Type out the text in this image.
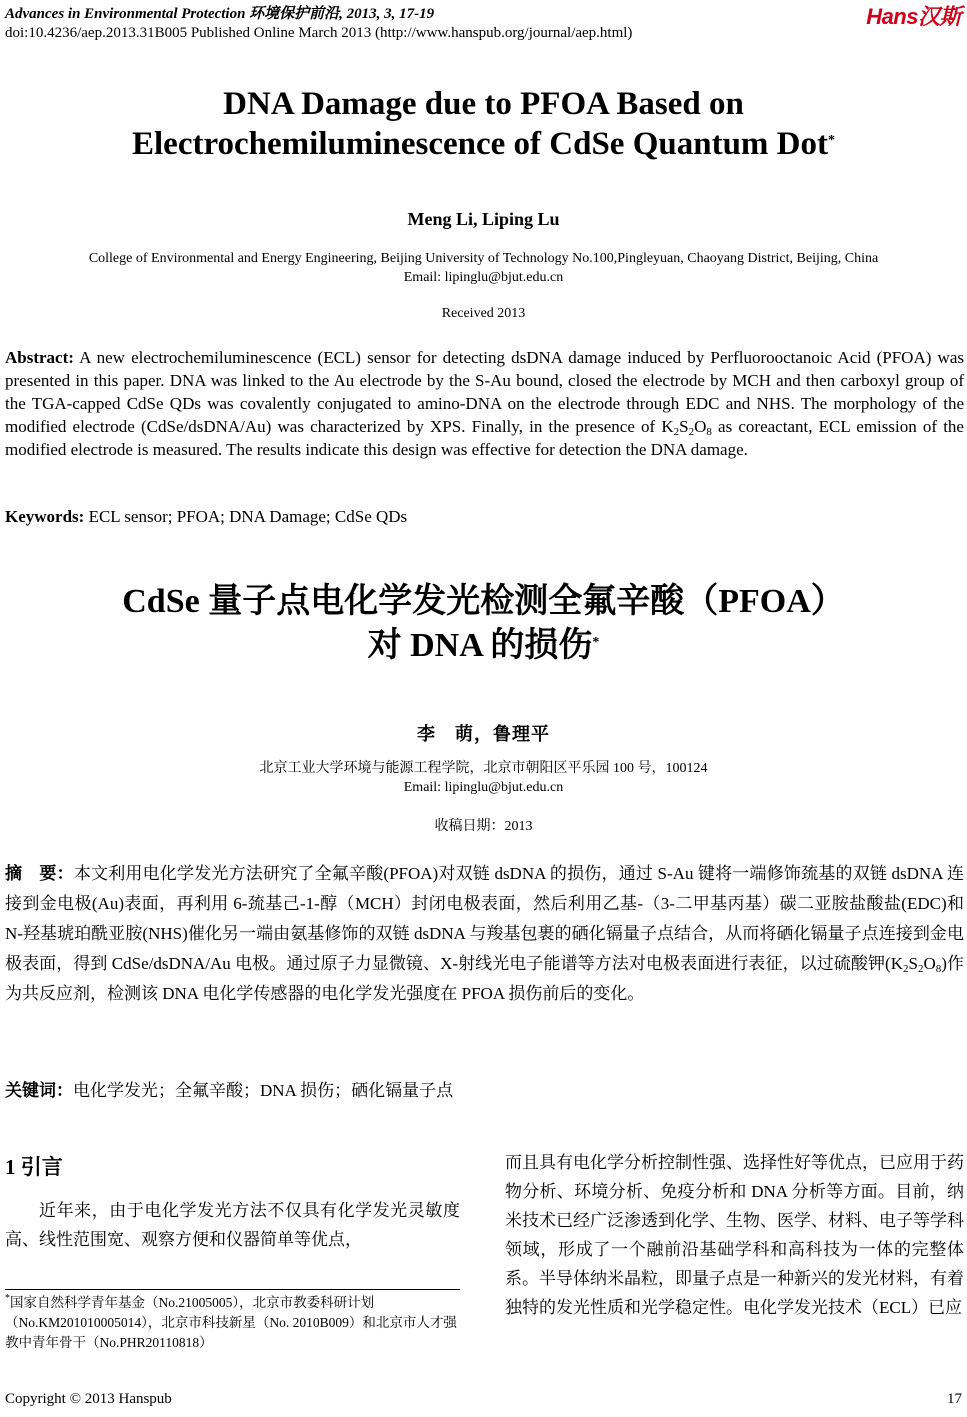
Advances in Environmental Protection 环境保护前沿, 2013, 3, 17-19
doi:10.4236/aep.2013.31B005 Published Online March 2013 (http://www.hanspub.org/journal/aep.html)
Hans汉斯
DNA Damage due to PFOA Based on
Electrochemiluminescence of CdSe Quantum Dot*
Meng Li, Liping Lu
College of Environmental and Energy Engineering, Beijing University of Technology No.100,Pingleyuan, Chaoyang District, Beijing, China
Email: lipinglu@bjut.edu.cn
Received 2013
Abstract: A new electrochemiluminescence (ECL) sensor for detecting dsDNA damage induced by Perfluorooctanoic Acid (PFOA) was presented in this paper. DNA was linked to the Au electrode by the S-Au bound, closed the electrode by MCH and then carboxyl group of the TGA-capped CdSe QDs was covalently conjugated to amino-DNA on the electrode through EDC and NHS. The morphology of the modified electrode (CdSe/dsDNA/Au) was characterized by XPS. Finally, in the presence of $K_2S_2O_8$ as coreactant, ECL emission of the modified electrode is measured. The results indicate this design was effective for detection the DNA damage.
Keywords: ECL sensor; PFOA; DNA Damage; CdSe QDs
CdSe 量子点电化学发光检测全氟辛酸（PFOA）
对 DNA 的损伤*
李　萌，鲁理平
北京工业大学环境与能源工程学院，北京市朝阳区平乐园 100 号，100124
Email: lipinglu@bjut.edu.cn
收稿日期：2013
摘　要：本文利用电化学发光方法研究了全氟辛酸(PFOA)对双链 dsDNA 的损伤，通过 S-Au 键将一端修饰巯基的双链 dsDNA 连接到金电极(Au)表面，再利用 6-巯基己-1-醇（MCH）封闭电极表面，然后利用乙基-（3-二甲基丙基）碳二亚胺盐酸盐(EDC)和 N-羟基琥珀酰亚胺(NHS)催化另一端由氨基修饰的双链 dsDNA 与羧基包裹的硒化镉量子点结合，从而将硒化镉量子点连接到金电极表面，得到 CdSe/dsDNA/Au 电极。通过原子力显微镜、X-射线光电子能谱等方法对电极表面进行表征，以过硫酸钾$(K_2S_2O_8)$作为共反应剂，检测该 DNA 电化学传感器的电化学发光强度在 PFOA 损伤前后的变化。
关键词：电化学发光；全氟辛酸；DNA 损伤；硒化镉量子点
1 引言
近年来，由于电化学发光方法不仅具有化学发光灵敏度高、线性范围宽、观察方便和仪器简单等优点，
而且具有电化学分析控制性强、选择性好等优点，已应用于药物分析、环境分析、免疫分析和 DNA 分析等方面。目前，纳米技术已经广泛渗透到化学、生物、医学、材料、电子等学科领域，形成了一个融前沿基础学科和高科技为一体的完整体系。半导体纳米晶粒，即量子点是一种新兴的发光材料，有着独特的发光性质和光学稳定性。电化学发光技术（ECL）已应
*国家自然科学青年基金（No.21005005），北京市教委科研计划（No.KM201010005014），北京市科技新星（No. 2010B009）和北京市人才强教中青年骨干（No.PHR20110818）
Copyright © 2013 Hanspub	17
